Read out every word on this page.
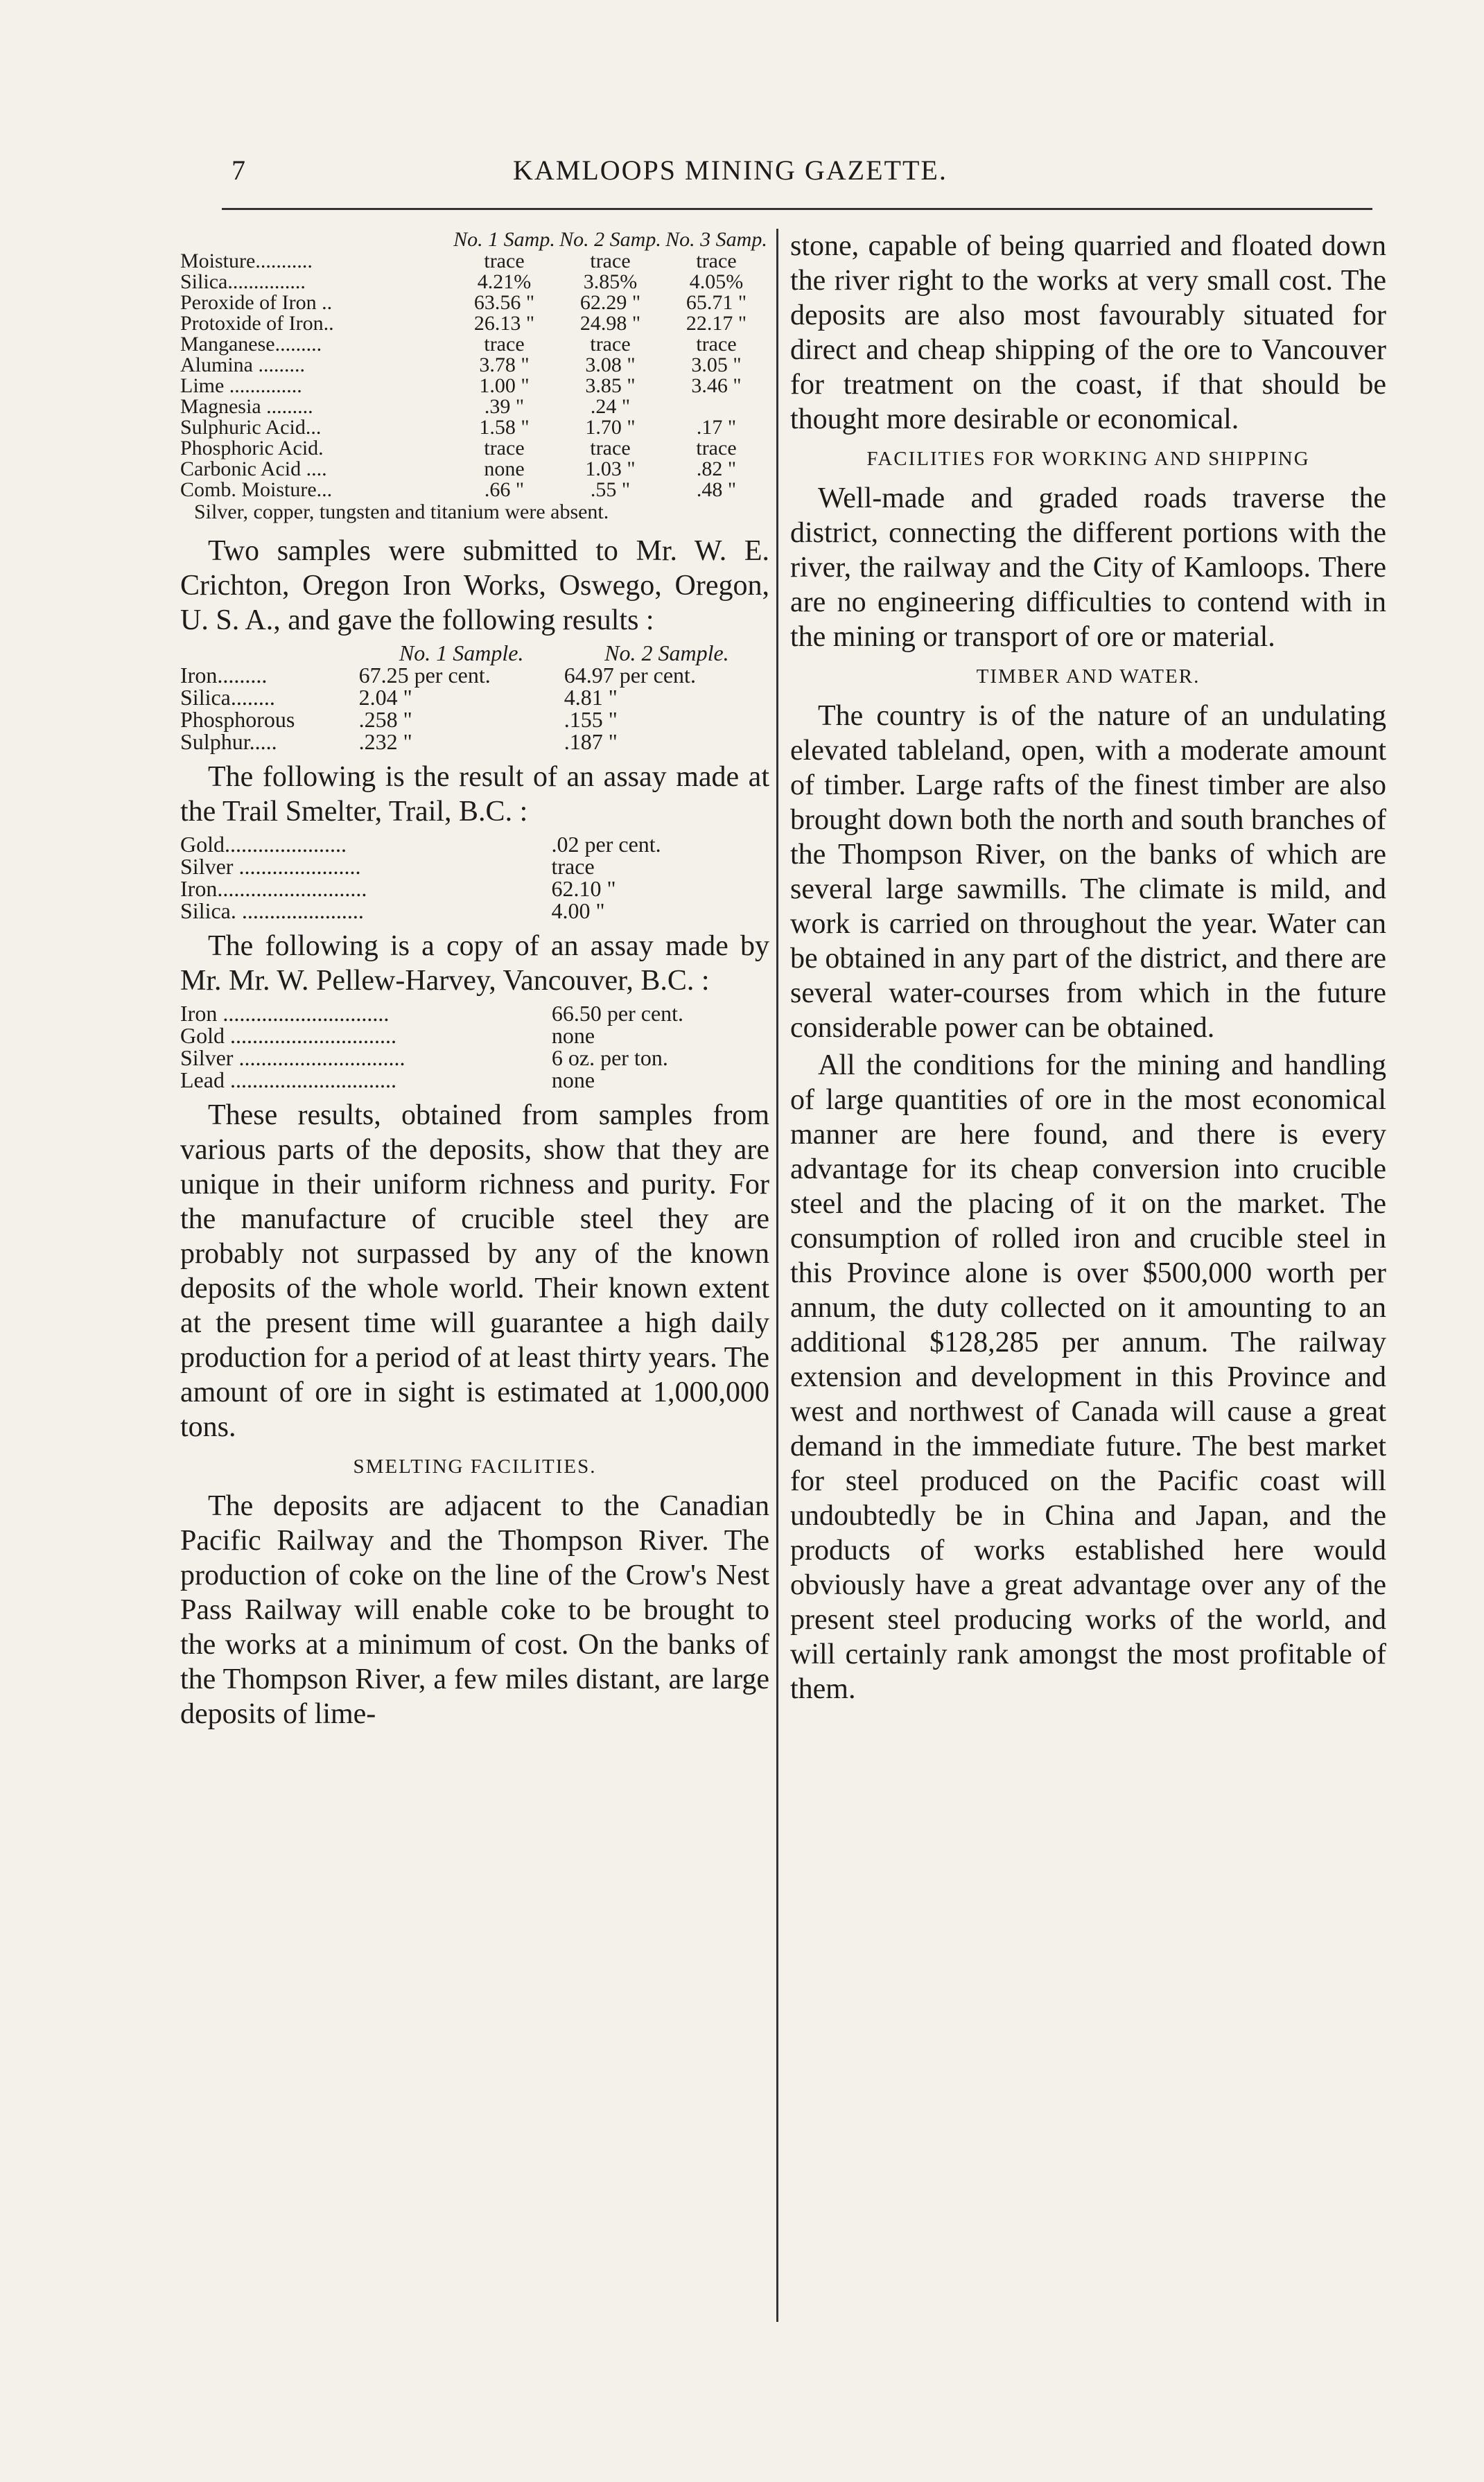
7	KAMLOOPS MINING GAZETTE.
	No. 1 Samp.	No. 2 Samp.	No. 3 Samp.
Moisture...........	trace	trace	trace
Silica...............	4.21%	3.85%	4.05%
Peroxide of Iron ..	63.56 "	62.29 "	65.71 "
Protoxide of Iron..	26.13 "	24.98 "	22.17 "
Manganese.........	trace	trace	trace
Alumina .........	3.78 "	3.08 "	3.05 "
Lime ..............	1.00 "	3.85 "	3.46 "
Magnesia .........	.39 "	.24 "	
Sulphuric Acid...	1.58 "	1.70 "	.17 "
Phosphoric Acid.	trace	trace	trace
Carbonic Acid ....	none	1.03 "	.82 "
Comb. Moisture...	.66 "	.55 "	.48 "

Silver, copper, tungsten and titanium were absent.

Two samples were submitted to Mr. W. E. Crichton, Oregon Iron Works, Oswego, Oregon, U. S. A., and gave the following results :

	No. 1 Sample.	No. 2 Sample.
Iron.........	67.25 per cent.	64.97 per cent.
Silica........	2.04 "	4.81 "
Phosphorous	.258 "	.155 "
Sulphur.....	.232 "	.187 "

The following is the result of an assay made at the Trail Smelter, Trail, B.C. :

Gold......................	.02 per cent.
Silver ......................	trace
Iron...........................	62.10 "
Silica. ......................	4.00 "

The following is a copy of an assay made by Mr. Mr. W. Pellew-Harvey, Vancouver, B.C. :

Iron ..............................	66.50 per cent.
Gold ..............................	none
Silver ..............................	6 oz. per ton.
Lead ..............................	none

These results, obtained from samples from various parts of the deposits, show that they are unique in their uniform richness and purity. For the manufacture of crucible steel they are probably not surpassed by any of the known deposits of the whole world. Their known extent at the present time will guarantee a high daily production for a period of at least thirty years. The amount of ore in sight is estimated at 1,000,000 tons.

SMELTING FACILITIES.

The deposits are adjacent to the Canadian Pacific Railway and the Thompson River. The production of coke on the line of the Crow's Nest Pass Railway will enable coke to be brought to the works at a minimum of cost. On the banks of the Thompson River, a few miles distant, are large deposits of lime-

stone, capable of being quarried and floated down the river right to the works at very small cost. The deposits are also most favourably situated for direct and cheap shipping of the ore to Vancouver for treatment on the coast, if that should be thought more desirable or economical.

FACILITIES FOR WORKING AND SHIPPING

Well-made and graded roads traverse the district, connecting the different portions with the river, the railway and the City of Kamloops. There are no engineering difficulties to contend with in the mining or transport of ore or material.

TIMBER AND WATER.

The country is of the nature of an undulating elevated tableland, open, with a moderate amount of timber. Large rafts of the finest timber are also brought down both the north and south branches of the Thompson River, on the banks of which are several large sawmills. The climate is mild, and work is carried on throughout the year. Water can be obtained in any part of the district, and there are several water-courses from which in the future considerable power can be obtained.

All the conditions for the mining and handling of large quantities of ore in the most economical manner are here found, and there is every advantage for its cheap conversion into crucible steel and the placing of it on the market. The consumption of rolled iron and crucible steel in this Province alone is over $500,000 worth per annum, the duty collected on it amounting to an additional $128,285 per annum. The railway extension and development in this Province and west and northwest of Canada will cause a great demand in the immediate future. The best market for steel produced on the Pacific coast will undoubtedly be in China and Japan, and the products of works established here would obviously have a great advantage over any of the present steel producing works of the world, and will certainly rank amongst the most profitable of them.
